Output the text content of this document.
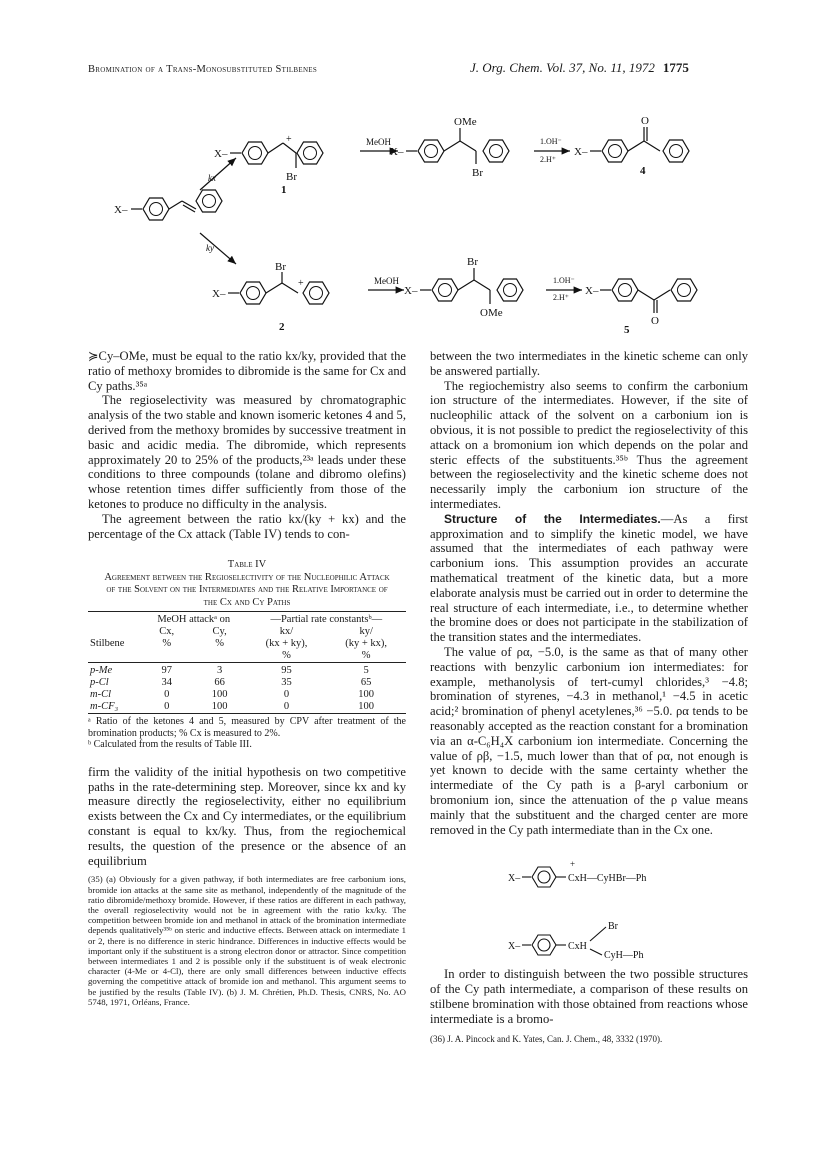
Bromination of a Trans-Monosubstituted Stilbenes	J. Org. Chem. Vol. 37, No. 11, 1972 1775
X–
kx
ky
X–
+
Br
1
MeOH
X–
OMe
Br
1.OH⁻
2.H⁺
X–
O
4
X–
Br
+
2
MeOH
X–
Br
OMe
1.OH⁻
2.H⁺
X–
O
5

≽Cy–OMe, must be equal to the ratio kx/ky, provided that the ratio of methoxy bromides to dibromide is the same for Cx and Cy paths.³⁵ᵃ

The regioselectivity was measured by chromatographic analysis of the two stable and known isomeric ketones 4 and 5, derived from the methoxy bromides by successive treatment in basic and acidic media. The dibromide, which represents approximately 20 to 25% of the products,²³ᵃ leads under these conditions to three compounds (tolane and dibromo olefins) whose retention times differ sufficiently from those of the ketones to produce no difficulty in the analysis.

The agreement between the ratio kx/(ky + kx) and the percentage of the Cx attack (Table IV) tends to con-

Table IV
Agreement between the Regioselectivity of the Nucleophilic Attack of the Solvent on the Intermediates and the Relative Importance of the Cx and Cy Paths

	MeOH attackᵃ on		—Partial rate constantsᵇ—	
	Cx,	Cy,	kx/	ky/
Stilbene	%	%	(kx + ky),	(ky + kx),
			%	%

p-Me	97	3	95	5
p-Cl	34	66	35	65
m-Cl	0	100	0	100
m-CF₃	0	100	0	100

ᵃ Ratio of the ketones 4 and 5, measured by CPV after treatment of the bromination products; % Cx is measured to 2%.

ᵇ Calculated from the results of Table III.

firm the validity of the initial hypothesis on two competitive paths in the rate-determining step. Moreover, since kx and ky measure directly the regioselectivity, either no equilibrium exists between the Cx and Cy intermediates, or the equilibrium constant is equal to kx/ky. Thus, from the regiochemical results, the question of the presence or the absence of an equilibrium

(35) (a) Obviously for a given pathway, if both intermediates are free carbonium ions, bromide ion attacks at the same site as methanol, independently of the magnitude of the ratio dibromide/methoxy bromide. However, if these ratios are different in each pathway, the overall regioselectivity would not be in agreement with the ratio kx/ky. The competition between bromide ion and methanol in attack of the bromination intermediate depends qualitatively³⁵ᵇ on steric and inductive effects. Between attack on intermediate 1 or 2, there is no difference in steric hindrance. Differences in inductive effects would be important only if the substituent is a strong electron donor or attractor. Since competition between intermediates 1 and 2 is possible only if the substituent is of weak electronic character (4-Me or 4-Cl), there are only small differences between inductive effects governing the competitive attack of bromide ion and methanol. This argument seems to be justified by the results (Table IV). (b) J. M. Chrétien, Ph.D. Thesis, CNRS, No. AO 5748, 1971, Orléans, France.

between the two intermediates in the kinetic scheme can only be answered partially.

The regiochemistry also seems to confirm the carbonium ion structure of the intermediates. However, if the site of nucleophilic attack of the solvent on a carbonium ion is obvious, it is not possible to predict the regioselectivity of this attack on a bromonium ion which depends on the polar and steric effects of the substituents.³⁵ᵇ Thus the agreement between the regioselectivity and the kinetic scheme does not necessarily imply the carbonium ion structure of the intermediates.

Structure of the Intermediates.—As a first approximation and to simplify the kinetic model, we have assumed that the intermediates of each pathway were carbonium ions. This assumption provides an accurate mathematical treatment of the kinetic data, but a more elaborate analysis must be carried out in order to determine the real structure of each intermediate, i.e., to determine whether the bromine does or does not participate in the stabilization of the transition states and the intermediates.

The value of ρα, −5.0, is the same as that of many other reactions with benzylic carbonium ion intermediates: for example, methanolysis of tert-cumyl chlorides,³ −4.8; bromination of styrenes, −4.3 in methanol,¹ −4.5 in acetic acid;² bromination of phenyl acetylenes,³⁶ −5.0. ρα tends to be reasonably accepted as the reaction constant for a bromination via an α-C₆H₄X carbonium ion intermediate. Concerning the value of ρβ, −1.5, much lower than that of ρα, not enough is yet known to decide with the same certainty whether the intermediate of the Cy path is a β-aryl carbonium or bromonium ion, since the attenuation of the ρ value means mainly that the substituent and the charged center are more removed in the Cy path intermediate than in the Cx one.

X–
+
CxH—CyHBr—Ph
X–	CxH
Br
CyH—Ph

In order to distinguish between the two possible structures of the Cy path intermediate, a comparison of these results on stilbene bromination with those obtained from reactions whose intermediate is a bromo-

(36) J. A. Pincock and K. Yates, Can. J. Chem., 48, 3332 (1970).
